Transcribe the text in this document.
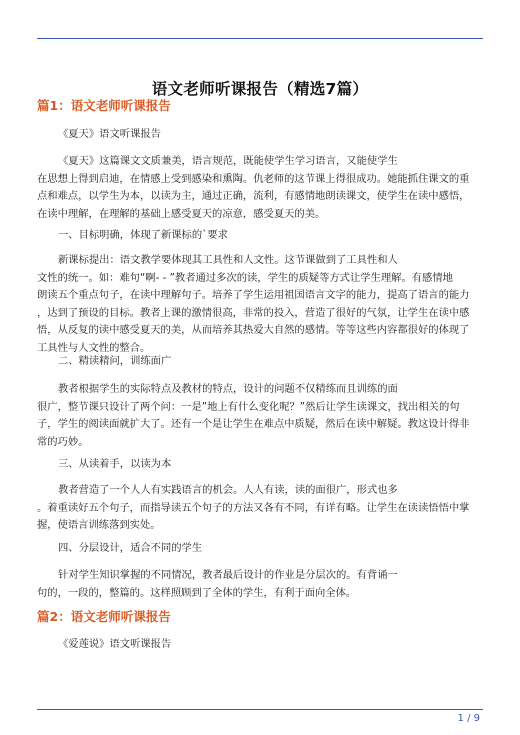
语文老师听课报告（精选7篇）
篇1：语文老师听课报告

《夏天》语文听课报告

《夏天》这篇课文文质兼美，语言规范，既能使学生学习语言，又能使学生
在思想上得到启迪，在情感上受到感染和熏陶。仇老师的这节课上得很成功。她能抓住课文的重
点和难点，以学生为本，以读为主，通过正确，流利，有感情地朗读课文，使学生在读中感悟，
在读中理解，在理解的基础上感受夏天的凉意，感受夏天的美。

一、目标明确，体现了新课标的`要求

新课标提出：语文教学要体现其工具性和人文性。这节课做到了工具性和人
文性的统一。如：难句“啊- - ”教者通过多次的读，学生的质疑等方式让学生理解。有感情地
朗读五个重点句子，在读中理解句子。培养了学生运用祖国语言文字的能力，提高了语言的能力
，达到了预设的目标。教者上课的激情很高，非常的投入，营造了很好的气氛，让学生在读中感
悟，从反复的读中感受夏天的美，从而培养其热爱大自然的感情。等等这些内容都很好的体现了
工具性与人文性的整合。

二、精读精问，训练面广

教者根据学生的实际特点及教材的特点，设计的问题不仅精练而且训练的面
很广，整节课只设计了两个问：一是”地上有什么变化呢？”然后让学生读课文，找出相关的句
子，学生的阅读面就扩大了。还有一个是让学生在难点中质疑，然后在读中解疑。教这设计得非
常的巧妙。

三、从读着手，以读为本

教者营造了一个人人有实践语言的机会。人人有读，读的面很广，形式也多
。着重读好五个句子，而指导读五个句子的方法又各有不同，有详有略。让学生在读读悟悟中掌
握，使语言训练落到实处。

四、分层设计，适合不同的学生

针对学生知识掌握的不同情况，教者最后设计的作业是分层次的。有背诵一
句的，一段的，整篇的。这样照顾到了全体的学生，有利于面向全体。
篇2：语文老师听课报告

《爱莲说》语文听课报告

1 / 9
